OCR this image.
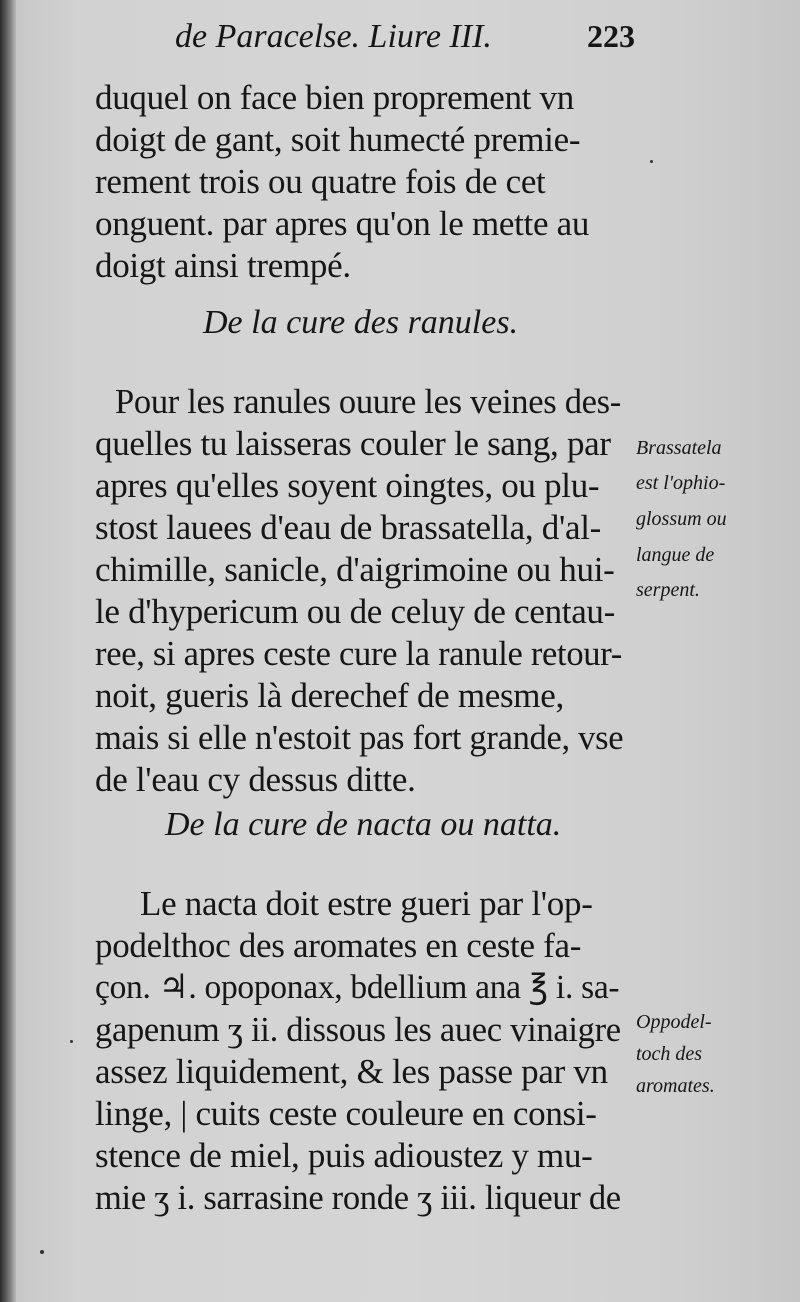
de Paracelse. Liure III.	223
duquel on face bien proprement vn
doigt de gant, soit humecté premie-
rement trois ou quatre fois de cet
onguent. par apres qu'on le mette au
doigt ainsi trempé.
De la cure des ranules.
Pour les ranules ouure les veines des-
quelles tu laisseras couler le sang, par
apres qu'elles soyent oingtes, ou plu-
stost lauees d'eau de brassatella, d'al-
chimille, sanicle, d'aigrimoine ou hui-
le d'hypericum ou de celuy de centau-
ree, si apres ceste cure la ranule retour-
noit, gueris là derechef de mesme,
mais si elle n'estoit pas fort grande, vse
de l'eau cy dessus ditte.
Brassatela
est l'ophio-
glossum ou
langue de
serpent.
De la cure de nacta ou natta.
Le nacta doit estre gueri par l'op-
podelthoc des aromates en ceste fa-
çon. ♃. opoponax, bdellium ana ℥ i. sa-
gapenum ʒ ii. dissous les auec vinaigre
assez liquidement, & les passe par vn
linge, | cuits ceste couleure en consi-
stence de miel, puis adioustez y mu-
mie ʒ i. sarrasine ronde ʒ iii. liqueur de
Oppodel-
toch des
aromates.
